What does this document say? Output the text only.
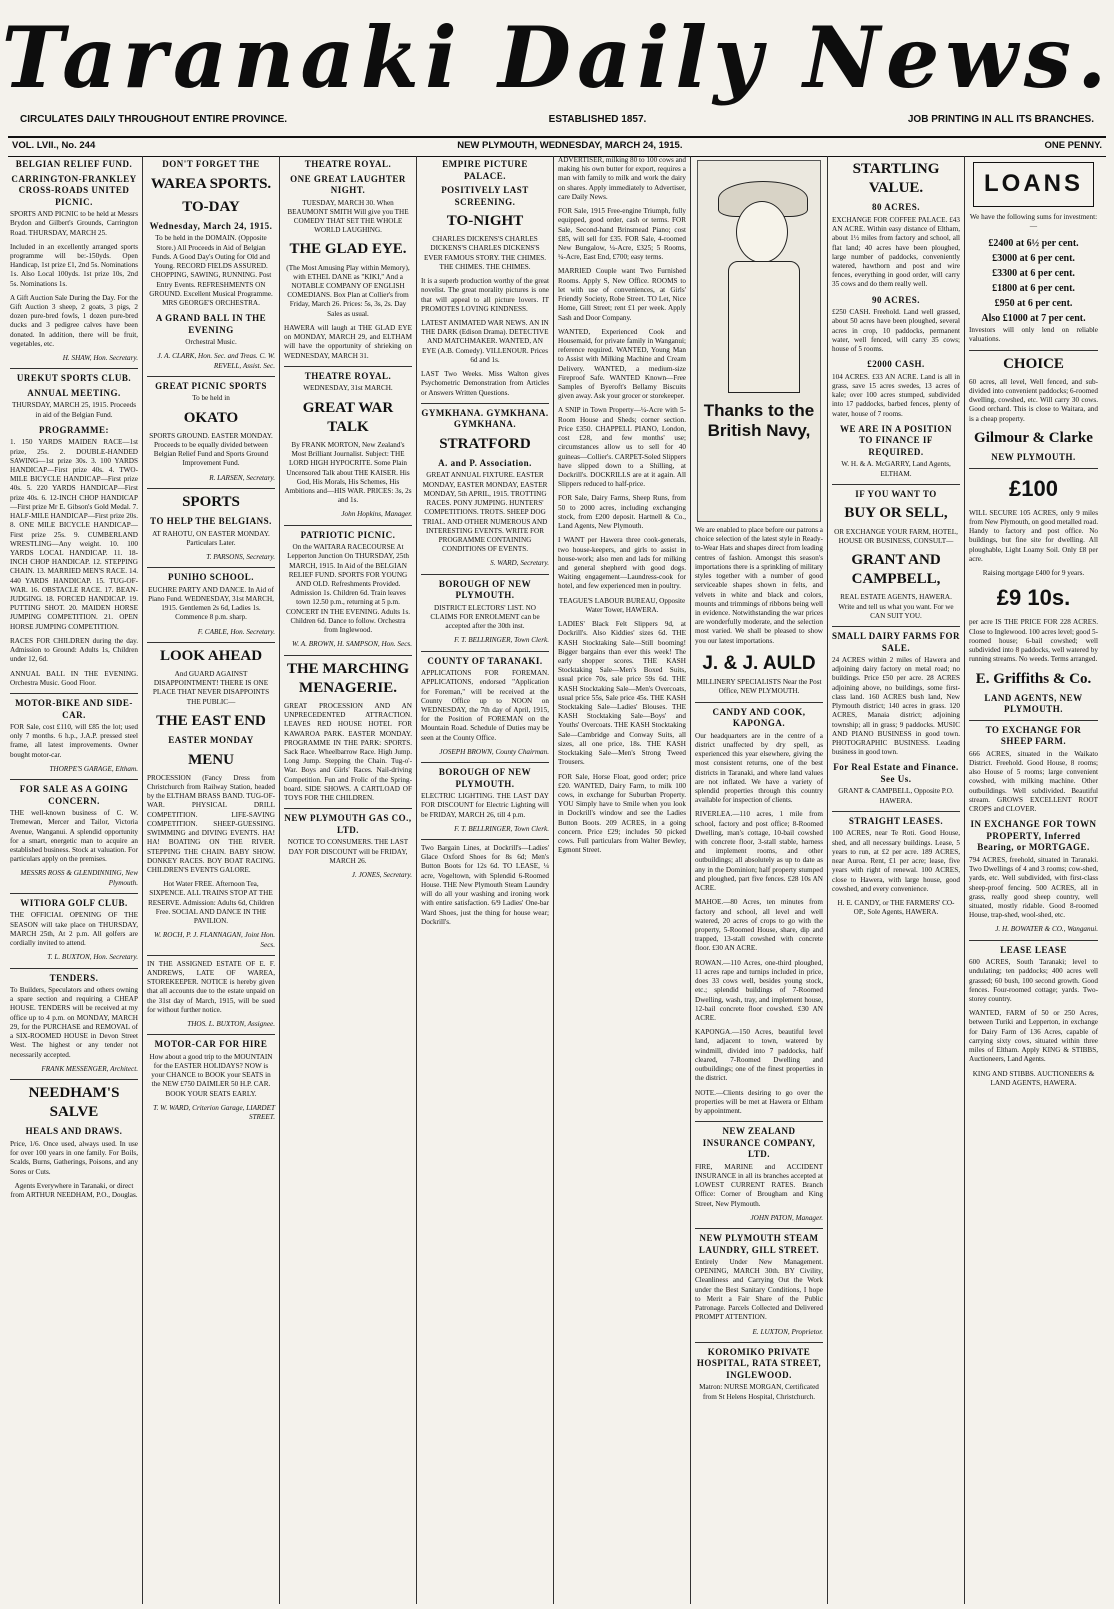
Taranaki Daily News.
CIRCULATES DAILY THROUGHOUT ENTIRE PROVINCE.	ESTABLISHED 1857.	JOB PRINTING IN ALL ITS BRANCHES.
VOL. LVII., No. 244	NEW PLYMOUTH, WEDNESDAY, MARCH 24, 1915.	ONE PENNY.
BELGIAN RELIEF FUND.
CARRINGTON-FRANKLEY CROSS-ROADS UNITED PICNIC.

SPORTS AND PICNIC to be held at Messrs Brydon and Gilbert's Grounds, Carrington Road. THURSDAY, MARCH 25.

Included in an excellently arranged sports programme will be:-150yds. Open Handicap, 1st prize £1, 2nd 5s. Nominations 1s. Also Local 100yds. 1st prize 10s, 2nd 5s. Nominations 1s.

A Gift Auction Sale During the Day. For the Gift Auction 3 sheep, 2 goats, 3 pigs, 2 dozen pure-bred fowls, 1 dozen pure-bred ducks and 3 pedigree calves have been donated. In addition, there will be fruit, vegetables, etc.

H. SHAW, Hon. Secretary.

UREKUT SPORTS CLUB.
ANNUAL MEETING.

THURSDAY, MARCH 25, 1915. Proceeds in aid of the Belgian Fund.

PROGRAMME:

1. 150 YARDS MAIDEN RACE—1st prize, 25s. 2. DOUBLE-HANDED SAWING—1st prize 30s. 3. 100 YARDS HANDICAP—First prize 40s. 4. TWO-MILE BICYCLE HANDICAP—First prize 40s. 5. 220 YARDS HANDICAP—First prize 40s. 6. 12-INCH CHOP HANDICAP—First prize Mr E. Gibson's Gold Medal. 7. HALF-MILE HANDICAP—First prize 20s. 8. ONE MILE BICYCLE HANDICAP—First prize 25s. 9. CUMBERLAND WRESTLING—Any weight. 10. 100 YARDS LOCAL HANDICAP. 11. 18-INCH CHOP HANDICAP. 12. STEPPING CHAIN. 13. MARRIED MEN'S RACE. 14. 440 YARDS HANDICAP. 15. TUG-OF-WAR. 16. OBSTACLE RACE. 17. BEAN-JUDGING. 18. FORCED HANDICAP. 19. PUTTING SHOT. 20. MAIDEN HORSE JUMPING COMPETITION. 21. OPEN HORSE JUMPING COMPETITION.

RACES FOR CHILDREN during the day. Admission to Ground: Adults 1s, Children under 12, 6d.

ANNUAL BALL IN THE EVENING. Orchestra Music. Good Floor.

MOTOR-BIKE AND SIDE-CAR.

FOR Sale, cost £110, will £85 the lot; used only 7 months. 6 h.p., J.A.P. pressed steel frame, all latest improvements. Owner bought motor-car.

THORPE'S GARAGE, Eltham.

FOR SALE AS A GOING CONCERN.

THE well-known business of C. W. Tremewan, Mercer and Tailor, Victoria Avenue, Wanganui. A splendid opportunity for a smart, energetic man to acquire an established business. Stock at valuation. For particulars apply on the premises.

MESSRS ROSS & GLENDINNING, New Plymouth.

WITIORA GOLF CLUB.

THE OFFICIAL OPENING OF THE SEASON will take place on THURSDAY, MARCH 25th, At 2 p.m. All golfers are cordially invited to attend.

T. L. BUXTON, Hon. Secretary.

TENDERS.

To Builders, Speculators and others owning a spare section and requiring a CHEAP HOUSE. TENDERS will be received at my office up to 4 p.m. on MONDAY, MARCH 29, for the PURCHASE and REMOVAL of a SIX-ROOMED HOUSE in Devon Street West. The highest or any tender not necessarily accepted.

FRANK MESSENGER, Architect.

NEEDHAM'S SALVE
HEALS AND DRAWS.

Price, 1/6. Once used, always used. In use for over 100 years in one family. For Boils, Scalds, Burns, Gatherings, Poisons, and any Sores or Cuts.

Agents Everywhere in Taranaki, or direct from ARTHUR NEEDHAM, P.O., Douglas.

DON'T FORGET THE
WAREA SPORTS.
TO-DAY
Wednesday, March 24, 1915.

To be held in the DOMAIN. (Opposite Store.) All Proceeds in Aid of Belgian Funds. A Good Day's Outing for Old and Young. RECORD FIELDS ASSURED. CHOPPING, SAWING, RUNNING. Post Entry Events. REFRESHMENTS ON GROUND. Excellent Musical Programme. MRS GEORGE'S ORCHESTRA.

A GRAND BALL IN THE EVENING

Orchestral Music.

J. A. CLARK, Hon. Sec. and Treas. C. W. REVELL, Assist. Sec.

GREAT PICNIC SPORTS

To be held in

OKATO

SPORTS GROUND. EASTER MONDAY. Proceeds to be equally divided between Belgian Relief Fund and Sports Ground Improvement Fund.

R. LARSEN, Secretary.

SPORTS
TO HELP THE BELGIANS.

AT RAHOTU, ON EASTER MONDAY. Particulars Later.

T. PARSONS, Secretary.

PUNIHO SCHOOL.

EUCHRE PARTY AND DANCE. In Aid of Piano Fund. WEDNESDAY, 31st MARCH, 1915. Gentlemen 2s 6d, Ladies 1s. Commence 8 p.m. sharp.

F. CABLE, Hon. Secretary.

LOOK AHEAD

And GUARD AGAINST DISAPPOINTMENT! THERE IS ONE PLACE THAT NEVER DISAPPOINTS THE PUBLIC—

THE EAST END
EASTER MONDAY
MENU

PROCESSION (Fancy Dress from Christchurch from Railway Station, headed by the ELTHAM BRASS BAND. TUG-OF-WAR. PHYSICAL DRILL COMPETITION. LIFE-SAVING COMPETITION. SHEEP-GUESSING. SWIMMING and DIVING EVENTS. HA! HA! BOATING ON THE RIVER. STEPPING THE CHAIN. BABY SHOW. DONKEY RACES. BOY BOAT RACING. CHILDREN'S EVENTS GALORE.

Hot Water FREE. Afternoon Tea, SIXPENCE. ALL TRAINS STOP AT THE RESERVE. Admission: Adults 6d, Children Free. SOCIAL AND DANCE IN THE PAVILION.

W. ROCH, P. J. FLANNAGAN, Joint Hon. Secs.

IN THE ASSIGNED ESTATE OF E. F. ANDREWS, LATE OF WAREA, STOREKEEPER. NOTICE is hereby given that all accounts due to the estate unpaid on the 31st day of March, 1915, will be sued for without further notice.

THOS. L. BUXTON, Assignee.

MOTOR-CAR FOR HIRE

How about a good trip to the MOUNTAIN for the EASTER HOLIDAYS? NOW is your CHANCE to BOOK your SEATS in the NEW £750 DAIMLER 50 H.P. CAR. BOOK YOUR SEATS EARLY.

T. W. WARD, Criterion Garage, LIARDET STREET.

THEATRE ROYAL.
ONE GREAT LAUGHTER NIGHT.

TUESDAY, MARCH 30. When BEAUMONT SMITH Will give you THE COMEDY THAT SET THE WHOLE WORLD LAUGHING.

THE GLAD EYE.

(The Most Amusing Play within Memory), with ETHEL DANE as "KIKI," And a NOTABLE COMPANY OF ENGLISH COMEDIANS. Box Plan at Collier's from Friday, March 26. Prices: 5s, 3s, 2s. Day Sales as usual.

HAWERA will laugh at THE GLAD EYE on MONDAY, MARCH 29, and ELTHAM will have the opportunity of shrieking on WEDNESDAY, MARCH 31.

THEATRE ROYAL.

WEDNESDAY, 31st MARCH.

GREAT WAR TALK

By FRANK MORTON, New Zealand's Most Brilliant Journalist. Subject: THE LORD HIGH HYPOCRITE. Some Plain Uncensored Talk about THE KAISER. His God, His Morals, His Schemes, His Ambitions and—HIS WAR. PRICES: 3s, 2s and 1s.

John Hopkins, Manager.

PATRIOTIC PICNIC.

On the WAITARA RACECOURSE At Lepperton Junction On THURSDAY, 25th MARCH, 1915. In Aid of the BELGIAN RELIEF FUND. SPORTS FOR YOUNG AND OLD. Refreshments Provided. Admission 1s. Children 6d. Train leaves town 12.50 p.m., returning at 5 p.m. CONCERT IN THE EVENING. Adults 1s. Children 6d. Dance to follow. Orchestra from Inglewood.

W. A. BROWN, H. SAMPSON, Hon. Secs.

THE MARCHING MENAGERIE.

GREAT PROCESSION AND AN UNPRECEDENTED ATTRACTION. LEAVES RED HOUSE HOTEL FOR KAWAROA PARK. EASTER MONDAY. PROGRAMME IN THE PARK: SPORTS. Sack Race. Wheelbarrow Race. High Jump. Long Jump. Stepping the Chain. Tug-o'-War. Boys and Girls' Races. Nail-driving Competition. Fun and Frolic of the Spring-board. SIDE SHOWS. A CARTLOAD OF TOYS FOR THE CHILDREN.

NEW PLYMOUTH GAS CO., LTD.

NOTICE TO CONSUMERS. THE LAST DAY FOR DISCOUNT will be FRIDAY, MARCH 26.

J. JONES, Secretary.

EMPIRE PICTURE PALACE.
POSITIVELY LAST SCREENING.
TO-NIGHT

CHARLES DICKENS'S CHARLES DICKENS'S CHARLES DICKENS'S EVER FAMOUS STORY. THE CHIMES. THE CHIMES. THE CHIMES.

It is a superb production worthy of the great novelist. The great morality pictures is one that will appeal to all picture lovers. IT PROMOTES LOVING KINDNESS.

LATEST ANIMATED WAR NEWS. AN IN THE DARK (Edison Drama). DETECTIVE AND MATCHMAKER. WANTED, AN EYE (A.B. Comedy). VILLENOUR. Prices 6d and 1s.

LAST Two Weeks. Miss Walton gives Psychometric Demonstration from Articles or Answers Written Questions.

GYMKHANA. GYMKHANA. GYMKHANA.
STRATFORD
A. and P. Association.

GREAT ANNUAL FIXTURE. EASTER MONDAY, EASTER MONDAY, EASTER MONDAY, 5th APRIL, 1915. TROTTING RACES. PONY JUMPING. HUNTERS' COMPETITIONS. TROTS. SHEEP DOG TRIAL. AND OTHER NUMEROUS AND INTERESTING EVENTS. WRITE FOR PROGRAMME CONTAINING CONDITIONS OF EVENTS.

S. WARD, Secretary.

BOROUGH OF NEW PLYMOUTH.

DISTRICT ELECTORS' LIST. NO CLAIMS FOR ENROLMENT can be accepted after the 30th inst.

F. T. BELLRINGER, Town Clerk.

COUNTY OF TARANAKI.

APPLICATIONS FOR FOREMAN. APPLICATIONS, endorsed "Application for Foreman," will be received at the County Office up to NOON on WEDNESDAY, the 7th day of April, 1915, for the Position of FOREMAN on the Mountain Road. Schedule of Duties may be seen at the County Office.

JOSEPH BROWN, County Chairman.

BOROUGH OF NEW PLYMOUTH.

ELECTRIC LIGHTING. THE LAST DAY FOR DISCOUNT for Electric Lighting will be FRIDAY, MARCH 26, till 4 p.m.

F. T. BELLRINGER, Town Clerk.

Two Bargain Lines, at Dockrill's—Ladies' Glace Oxford Shoes for 8s 6d; Men's Button Boots for 12s 6d. TO LEASE, ¼ acre, Vogeltown, with Splendid 6-Roomed House. THE New Plymouth Steam Laundry will do all your washing and ironing work with entire satisfaction. 6/9 Ladies' One-bar Ward Shoes, just the thing for house wear; Dockrill's.

ADVERTISER, milking 80 to 100 cows and making his own butter for export, requires a man with family to milk and work the dairy on shares. Apply immediately to Advertiser, care Daily News.

FOR Sale, 1915 Free-engine Triumph, fully equipped, good order, cash or terms. FOR Sale, Second-hand Brinsmead Piano; cost £85, will sell for £35. FOR Sale, 4-roomed New Bungalow, ¼-Acre, £325; 5 Rooms, ¼-Acre, East End, £700; easy terms.

MARRIED Couple want Two Furnished Rooms. Apply S, New Office. ROOMS to let with use of conveniences, at Girls' Friendly Society, Robe Street. TO Let, Nice Home, Gill Street; rent £1 per week. Apply Sash and Door Company.

WANTED, Experienced Cook and Housemaid, for private family in Wanganui; reference required. WANTED, Young Man to Assist with Milking Machine and Cream Delivery. WANTED, a medium-size Fireproof Safe. WANTED Known—Free Samples of Byeroft's Bellamy Biscuits given away. Ask your grocer or storekeeper.

A SNIP in Town Property—¼-Acre with 5-Room House and Sheds; corner section. Price £350. CHAPPELL PIANO, London, cost £28, and few months' use; circumstances allow us to sell for 40 guineas—Collier's. CARPET-Soled Slippers have slipped down to a Shilling, at Dockrill's. DOCKRILLS are at it again. All Slippers reduced to half-price.

FOR Sale, Dairy Farms, Sheep Runs, from 50 to 2000 acres, including exchanging stock, from £200 deposit. Hartnell & Co., Land Agents, New Plymouth.

I WANT per Hawera three cook-generals, two house-keepers, and girls to assist in house-work; also men and lads for milking and general shepherd with good dogs. Waiting engagement—Laundress-cook for hotel, and few experienced men in poultry.

TEAGUE'S LABOUR BUREAU, Opposite Water Tower, HAWERA.

LADIES' Black Felt Slippers 9d, at Dockrill's. Also Kiddies' sizes 6d. THE KASH Stocktaking Sale—Still booming! Bigger bargains than ever this week! The early shopper scores. THE KASH Stocktaking Sale—Men's Boxed Suits, usual price 70s, sale price 59s 6d. THE KASH Stocktaking Sale—Men's Overcoats, usual price 55s, Sale price 45s. THE KASH Stocktaking Sale—Ladies' Blouses. THE KASH Stocktaking Sale—Boys' and Youths' Overcoats. THE KASH Stocktaking Sale—Cambridge and Conway Suits, all sizes, all one price, 18s. THE KASH Stocktaking Sale—Men's Strong Tweed Trousers.

FOR Sale, Horse Float, good order; price £20. WANTED, Dairy Farm, to milk 100 cows, in exchange for Suburban Property. YOU Simply have to Smile when you look in Dockrill's window and see the Ladies Button Boots. 209 ACRES, in a going concern. Price £29; includes 50 picked cows. Full particulars from Walter Bewley, Egmont Street.

Thanks to the British Navy,

We are enabled to place before our patrons a choice selection of the latest style in Ready-to-Wear Hats and shapes direct from leading centres of fashion. Amongst this season's importations there is a sprinkling of military styles together with a number of good serviceable shapes shown in felts, and velvets in white and black and colors, mounts and trimmings of ribbons being well in evidence. Notwithstanding the war prices are wonderfully moderate, and the selection most varied. We shall be pleased to show you our latest importations.

J. & J. AULD

MILLINERY SPECIALISTS Near the Post Office, NEW PLYMOUTH.

CANDY AND COOK, KAPONGA.

Our headquarters are in the centre of a district unaffected by dry spell, as experienced this year elsewhere, giving the most consistent returns, one of the best districts in Taranaki, and where land values are not inflated. We have a variety of splendid properties through this country available for inspection of clients.

RIVERLEA.—110 acres, 1 mile from school, factory and post office; 8-Roomed Dwelling, man's cottage, 10-bail cowshed with concrete floor, 3-stall stable, harness and implement rooms, and other outbuildings; all absolutely as up to date as any in the Dominion; half property stumped and ploughed, part five fences. £28 10s AN ACRE.

MAHOE.—80 Acres, ten minutes from factory and school, all level and well watered, 20 acres of crops to go with the property, 5-Roomed House, share, dip and trapped, 13-stall cowshed with concrete floor. £30 AN ACRE.

ROWAN.—110 Acres, one-third ploughed, 11 acres rape and turnips included in price, does 33 cows well, besides young stock, etc.; splendid buildings of 7-Roomed Dwelling, wash, tray, and implement house, 12-bail concrete floor cowshed. £30 AN ACRE.

KAPONGA.—150 Acres, beautiful level land, adjacent to town, watered by windmill, divided into 7 paddocks, half cleared, 7-Roomed Dwelling and outbuildings; one of the finest properties in the district.

NOTE.—Clients desiring to go over the properties will be met at Hawera or Eltham by appointment.

NEW ZEALAND INSURANCE COMPANY, LTD.

FIRE, MARINE and ACCIDENT INSURANCE in all its branches accepted at LOWEST CURRENT RATES. Branch Office: Corner of Brougham and King Street, New Plymouth.

JOHN PATON, Manager.

NEW PLYMOUTH STEAM LAUNDRY, GILL STREET.

Entirely Under New Management. OPENING, MARCH 30th. BY Civility, Cleanliness and Carrying Out the Work under the Best Sanitary Conditions, I hope to Merit a Fair Share of the Public Patronage. Parcels Collected and Delivered PROMPT ATTENTION.

E. LUXTON, Proprietor.

KOROMIKO PRIVATE HOSPITAL, RATA STREET, INGLEWOOD.

Matron: NURSE MORGAN, Certificated from St Helens Hospital, Christchurch.

STARTLING VALUE.
80 ACRES.

EXCHANGE FOR COFFEE PALACE. £43 AN ACRE. Within easy distance of Eltham, about 1½ miles from factory and school, all flat land; 40 acres have been ploughed, large number of paddocks, conveniently watered, hawthorn and post and wire fences, everything in good order, will carry 35 cows and do them really well.

90 ACRES.

£250 CASH. Freehold. Land well grassed, about 50 acres have been ploughed, several acres in crop, 10 paddocks, permanent water, well fenced, will carry 35 cows; house of 5 rooms.

£2000 CASH.

104 ACRES. £33 AN ACRE. Land is all in grass, save 15 acres swedes, 13 acres of kale; over 100 acres stumped, subdivided into 17 paddocks, barbed fences, plenty of water, house of 7 rooms.

WE ARE IN A POSITION TO FINANCE IF REQUIRED.

W. H. & A. McGARRY, Land Agents, ELTHAM.

IF YOU WANT TO
BUY OR SELL,

OR EXCHANGE YOUR FARM, HOTEL, HOUSE OR BUSINESS, CONSULT—

GRANT AND CAMPBELL,

REAL ESTATE AGENTS, HAWERA. Write and tell us what you want. For we CAN SUIT YOU.

SMALL DAIRY FARMS FOR SALE.

24 ACRES within 2 miles of Hawera and adjoining dairy factory on metal road; no buildings. Price £50 per acre. 28 ACRES adjoining above, no buildings, some first-class land. 160 ACRES bush land, New Plymouth district; 140 acres in grass. 120 ACRES, Manaia district; adjoining township; all in grass; 9 paddocks. MUSIC AND PIANO BUSINESS in good town. PHOTOGRAPHIC BUSINESS. Leading business in good town.

For Real Estate and Finance. See Us.

GRANT & CAMPBELL, Opposite P.O. HAWERA.

STRAIGHT LEASES.

100 ACRES, near Te Roti. Good House, shed, and all necessary buildings. Lease, 5 years to run, at £2 per acre. 189 ACRES, near Auroa. Rent, £1 per acre; lease, five years with right of renewal. 100 ACRES, close to Hawera, with large house, good cowshed, and every convenience.

H. E. CANDY, or THE FARMERS' CO-OP., Sole Agents, HAWERA.

LOANS

We have the following sums for investment:—

£2400 at 6½ per cent.
£3000 at 6 per cent.
£3300 at 6 per cent.
£1800 at 6 per cent.
£950 at 6 per cent.
Also £1000 at 7 per cent.

Investors will only lend on reliable valuations.

CHOICE

60 acres, all level, Well fenced, and sub-divided into convenient paddocks; 6-roomed dwelling, cowshed, etc. Will carry 30 cows. Good orchard. This is close to Waitara, and is a cheap property.

Gilmour & Clarke
NEW PLYMOUTH.
£100

WILL SECURE 105 ACRES, only 9 miles from New Plymouth, on good metalled road. Handy to factory and post office. No buildings, but fine site for dwelling. All ploughable, Light Loamy Soil. Only £8 per acre.

Raising mortgage £400 for 9 years.

£9 10s.

per acre IS THE PRICE FOR 228 ACRES. Close to Inglewood. 100 acres level; good 5-roomed house; 6-bail cowshed; well subdivided into 8 paddocks, well watered by running streams. No weeds. Terms arranged.

E. Griffiths & Co.
LAND AGENTS, NEW PLYMOUTH.
TO EXCHANGE FOR SHEEP FARM.

666 ACRES, situated in the Waikato District. Freehold. Good House, 8 rooms; also House of 5 rooms; large convenient cowshed, with milking machine. Other outbuildings. Well subdivided. Beautiful stream. GROWS EXCELLENT ROOT CROPS and CLOVER.

IN EXCHANGE FOR TOWN PROPERTY, Inferred Bearing, or MORTGAGE.

794 ACRES, freehold, situated in Taranaki. Two Dwellings of 4 and 3 rooms; cow-shed, yards, etc. Well subdivided, with first-class sheep-proof fencing. 500 ACRES, all in grass, really good sheep country, well situated, mostly ridable. Good 8-roomed House, trap-shed, wool-shed, etc.

J. H. BOWATER & CO., Wanganui.

LEASE LEASE

600 ACRES, South Taranaki; level to undulating; ten paddocks; 400 acres well grassed; 60 bush, 100 second growth. Good fences. Four-roomed cottage; yards. Two-storey country.

WANTED, FARM of 50 or 250 Acres, between Turiki and Lepperton, in exchange for Dairy Farm of 136 Acres, capable of carrying sixty cows, situated within three miles of Eltham. Apply KING & STIBBS, Auctioneers, Land Agents.

KING AND STIBBS. AUCTIONEERS & LAND AGENTS, HAWERA.
